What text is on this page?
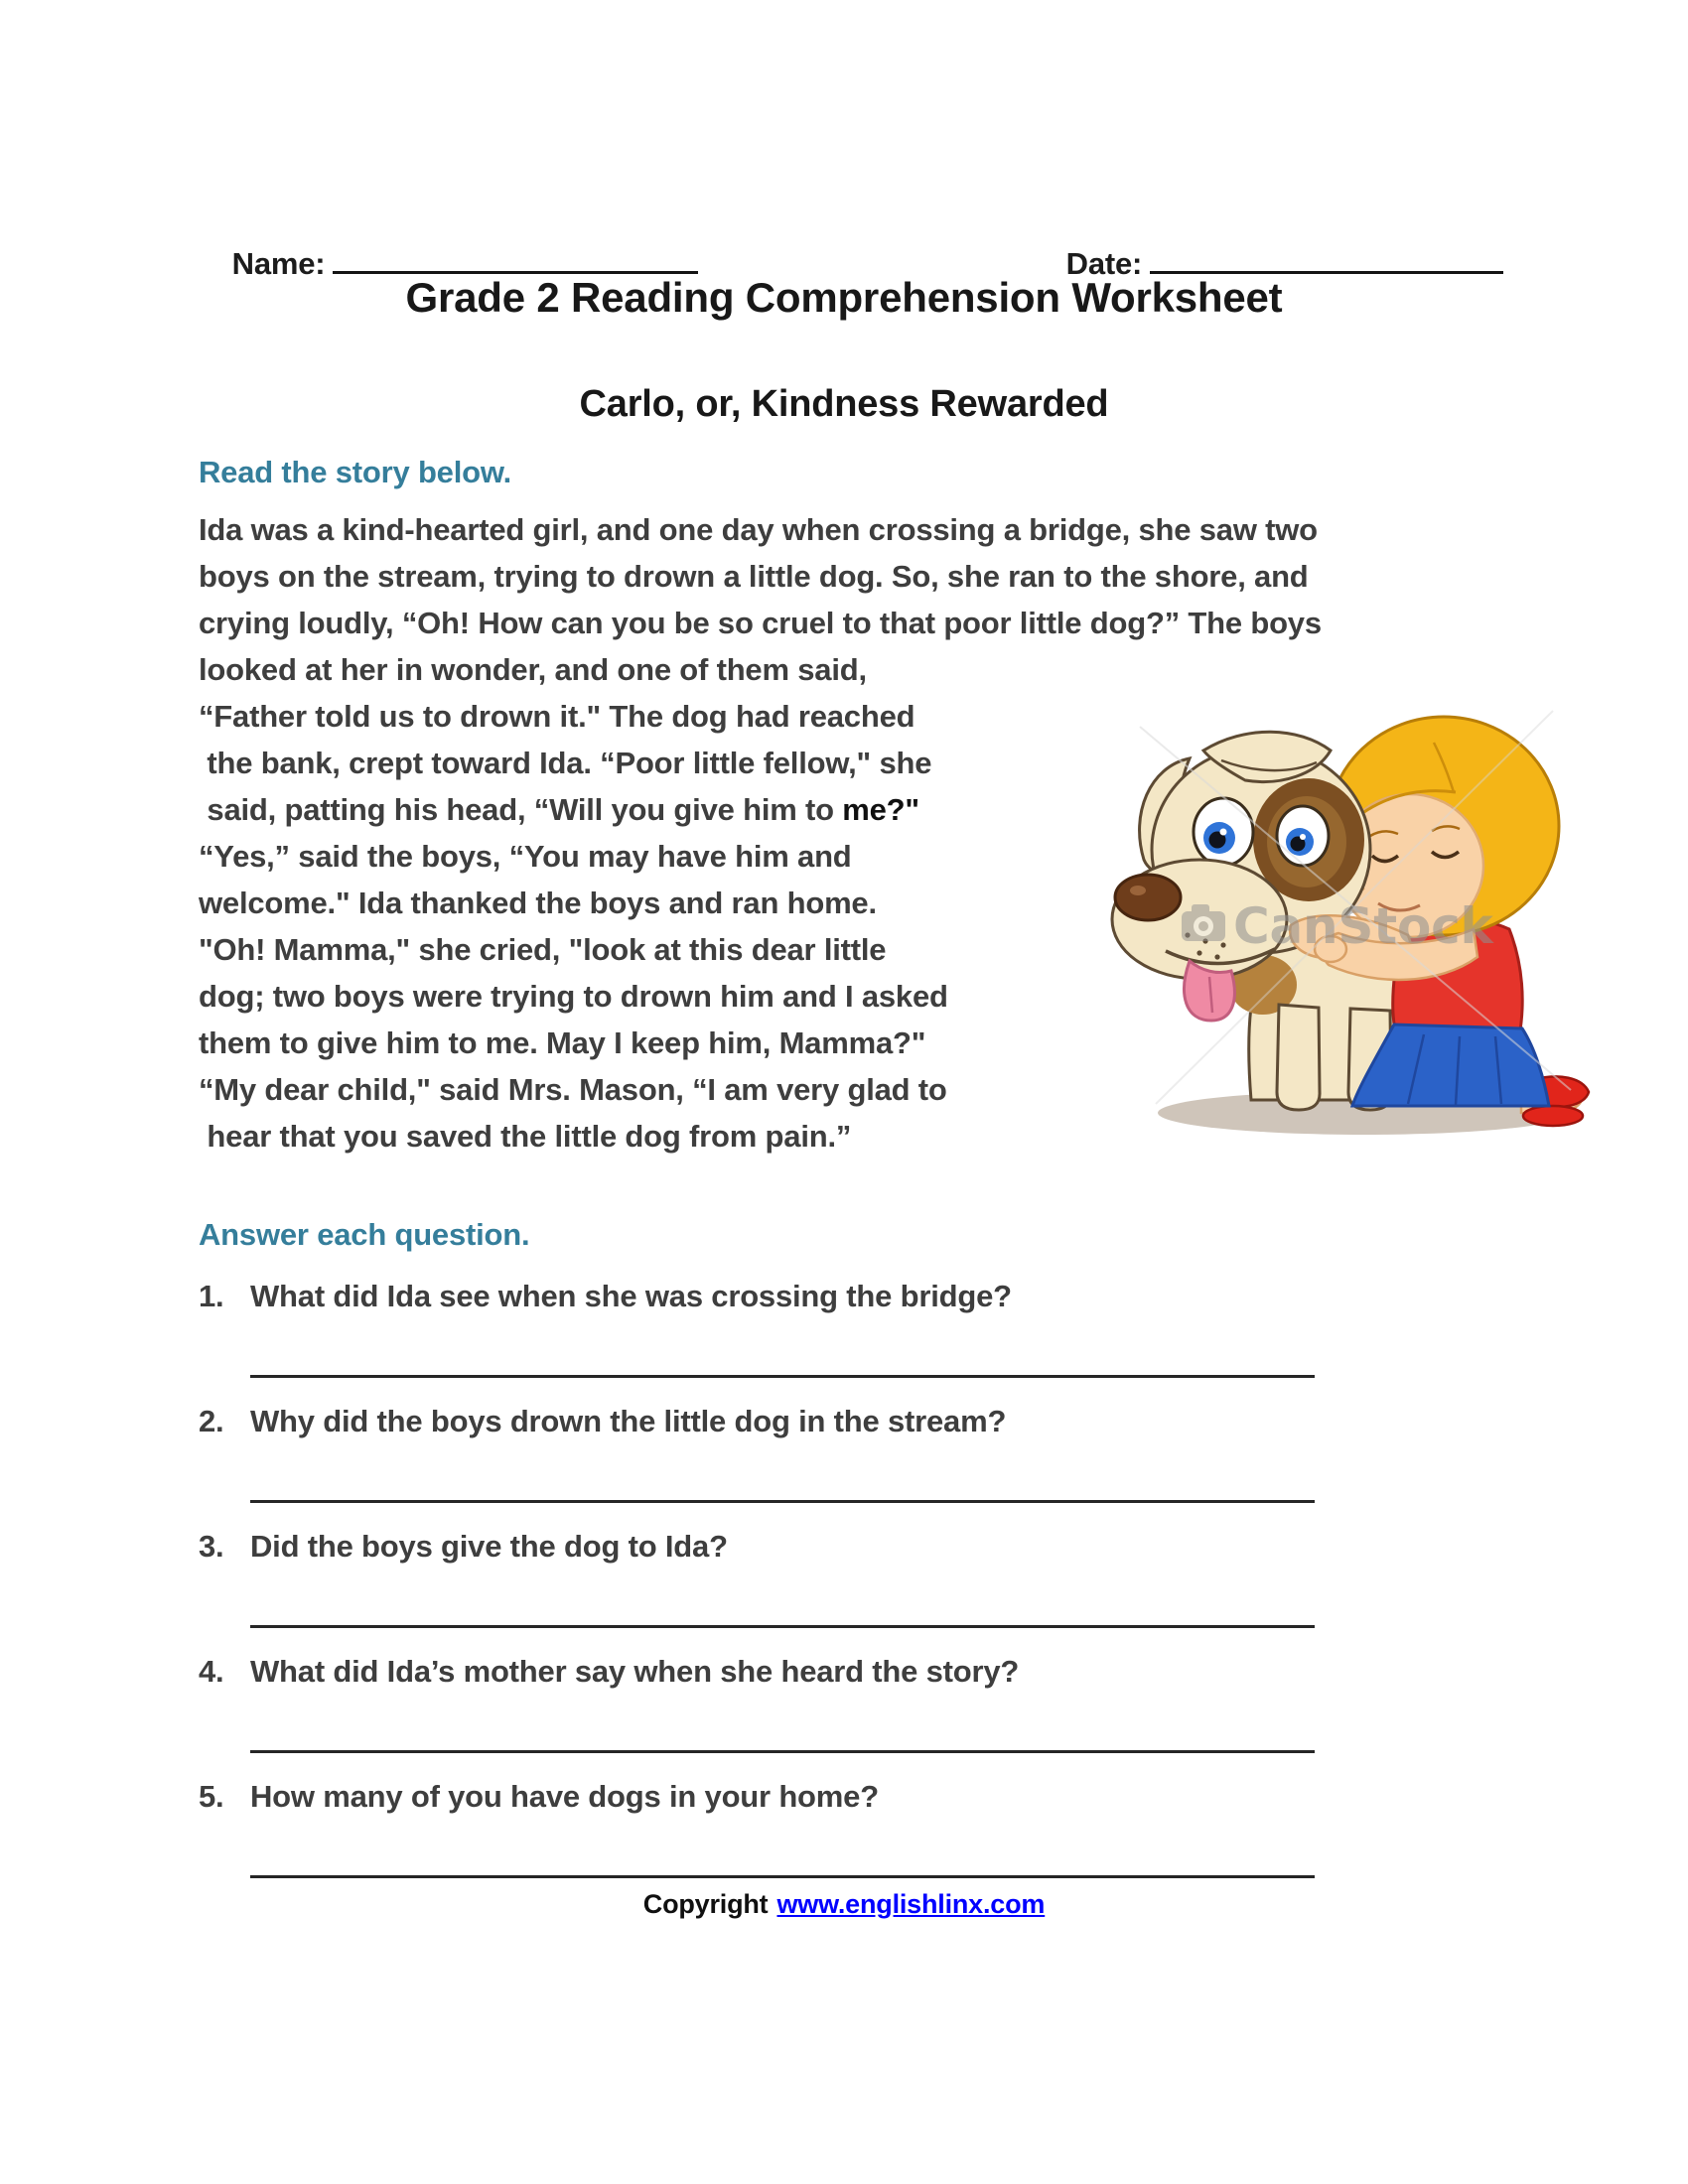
Name:
	Date:

Grade 2 Reading Comprehension Worksheet
Carlo, or, Kindness Rewarded
Read the story below.
Ida was a kind-hearted girl, and one day when crossing a bridge, she saw two
boys on the stream, trying to drown a little dog. So, she ran to the shore, and
crying loudly, “Oh! How can you be so cruel to that poor little dog?” The boys
looked at her in wonder, and one of them said,
“Father told us to drown it." The dog had reached
the bank, crept toward Ida. “Poor little fellow," she
said, patting his head, “Will you give him to me?"
“Yes,” said the boys, “You may have him and
welcome." Ida thanked the boys and ran home.
"Oh! Mamma," she cried, "look at this dear little
dog; two boys were trying to drown him and I asked
them to give him to me. May I keep him, Mamma?"
“My dear child," said Mrs. Mason, “I am very glad to
hear that you saved the little dog from pain.”
CanStock
Answer each question.
1. What did Ida see when she was crossing the bridge?
2. Why did the boys drown the little dog in the stream?
3. Did the boys give the dog to Ida?
4. What did Ida’s mother say when she heard the story?
5. How many of you have dogs in your home?
Copyright www.englishlinx.com
